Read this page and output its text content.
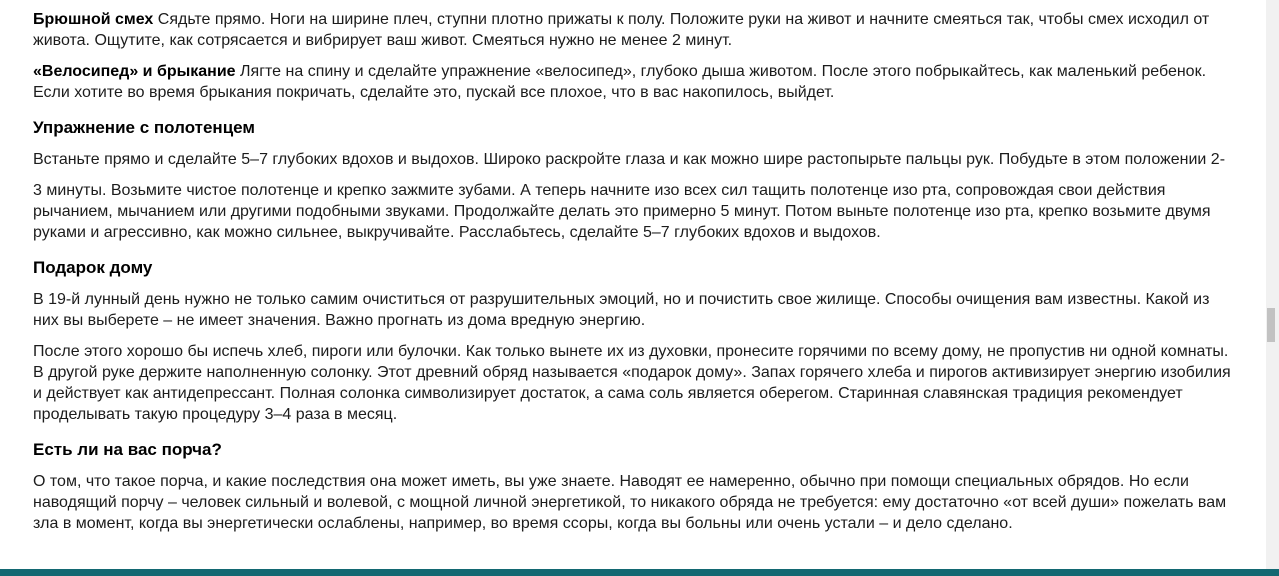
Брюшной смех Сядьте прямо. Ноги на ширине плеч, ступни плотно прижаты к полу. Положите руки на живот и начните смеяться так, чтобы смех исходил от живота. Ощутите, как сотрясается и вибрирует ваш живот. Смеяться нужно не менее 2 минут.

«Велосипед» и брыкание Лягте на спину и сделайте упражнение «велосипед», глубоко дыша животом. После этого побрыкайтесь, как маленький ребенок. Если хотите во время брыкания покричать, сделайте это, пускай все плохое, что в вас накопилось, выйдет.

Упражнение с полотенцем

Встаньте прямо и сделайте 5–7 глубоких вдохов и выдохов. Широко раскройте глаза и как можно шире растопырьте пальцы рук. Побудьте в этом положении 2-

3 минуты. Возьмите чистое полотенце и крепко зажмите зубами. А теперь начните изо всех сил тащить полотенце изо рта, сопровождая свои действия рычанием, мычанием или другими подобными звуками. Продолжайте делать это примерно 5 минут. Потом выньте полотенце изо рта, крепко возьмите двумя руками и агрессивно, как можно сильнее, выкручивайте. Расслабьтесь, сделайте 5–7 глубоких вдохов и выдохов.

Подарок дому

В 19-й лунный день нужно не только самим очиститься от разрушительных эмоций, но и почистить свое жилище. Способы очищения вам известны. Какой из них вы выберете – не имеет значения. Важно прогнать из дома вредную энергию.

После этого хорошо бы испечь хлеб, пироги или булочки. Как только вынете их из духовки, пронесите горячими по всему дому, не пропустив ни одной комнаты. В другой руке держите наполненную солонку. Этот древний обряд называется «подарок дому». Запах горячего хлеба и пирогов активизирует энергию изобилия и действует как антидепрессант. Полная солонка символизирует достаток, а сама соль является оберегом. Старинная славянская традиция рекомендует проделывать такую процедуру 3–4 раза в месяц.

Есть ли на вас порча?

О том, что такое порча, и какие последствия она может иметь, вы уже знаете. Наводят ее намеренно, обычно при помощи специальных обрядов. Но если наводящий порчу – человек сильный и волевой, с мощной личной энергетикой, то никакого обряда не требуется: ему достаточно «от всей души» пожелать вам зла в момент, когда вы энергетически ослаблены, например, во время ссоры, когда вы больны или очень устали – и дело сделано.
